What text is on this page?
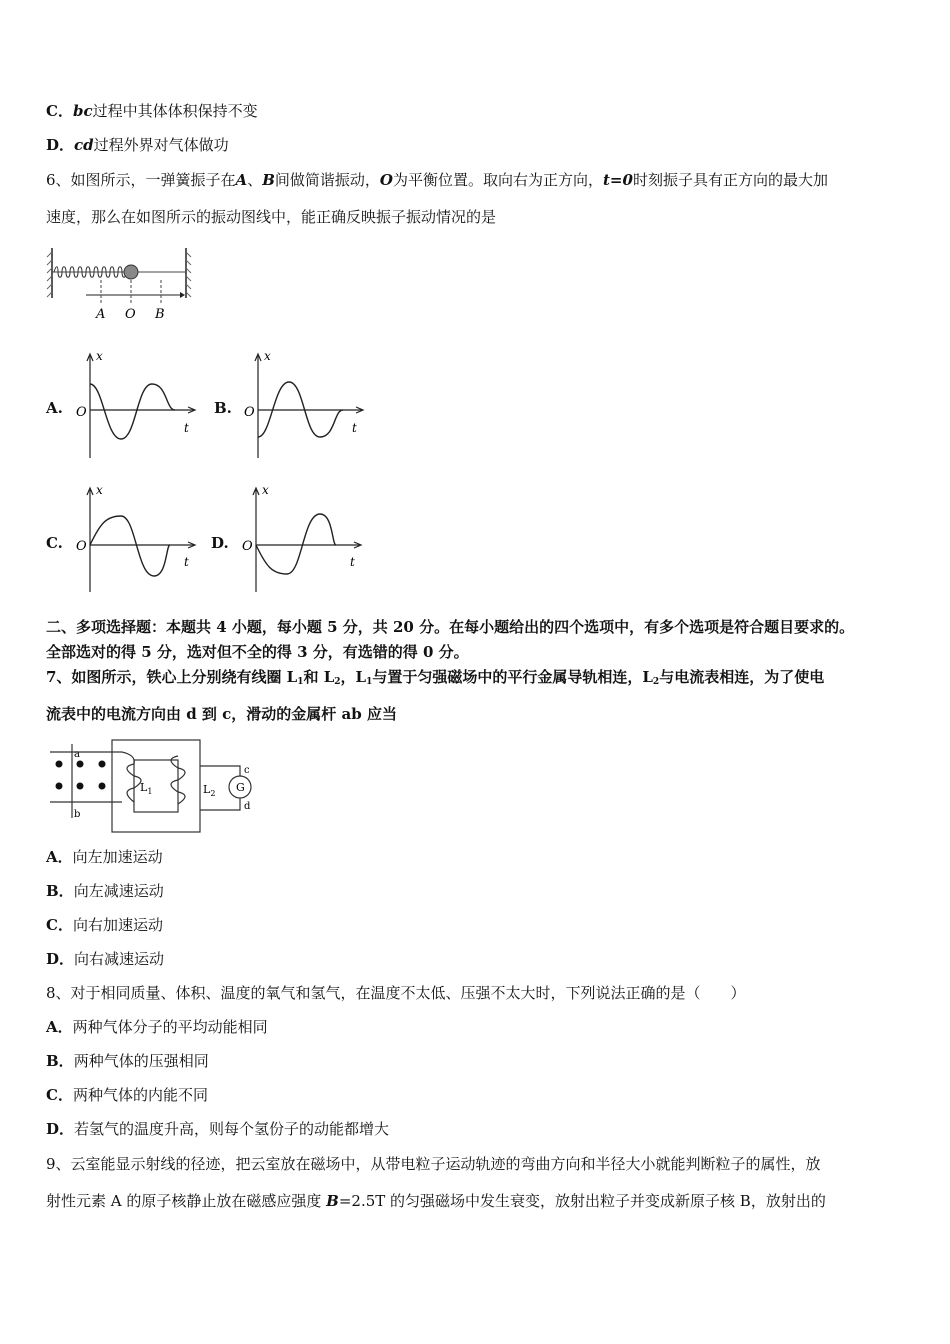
C．bc过程中其体体积保持不变
D．cd过程外界对气体做功
6、如图所示，一弹簧振子在A、B间做简谐振动，O为平衡位置。取向右为正方向，t=0时刻振子具有正方向的最大加
速度，那么在如图所示的振动图线中，能正确反映振子振动情况的是
A O B
A.
x
t
O	B.
x
t
O
C.
x
t
O	D.
x
t
O
二、多项选择题：本题共 4 小题，每小题 5 分，共 20 分。在每小题给出的四个选项中，有多个选项是符合题目要求的。
全部选对的得 5 分，选对但不全的得 3 分，有选错的得 0 分。
7、如图所示，铁心上分别绕有线圈 $L_1$和 $L_2$，$L_1$与置于匀强磁场中的平行金属导轨相连，$L_2$与电流表相连，为了使电
流表中的电流方向由 d 到 c，滑动的金属杆 ab 应当
a
b
$L_1$	$L_2$ G
c
d
A．向左加速运动
B．向左减速运动
C．向右加速运动
D．向右减速运动
8、对于相同质量、体积、温度的氧气和氢气，在温度不太低、压强不太大时，下列说法正确的是（　　）
A．两种气体分子的平均动能相同
B．两种气体的压强相同
C．两种气体的内能不同
D．若氢气的温度升高，则每个氢份子的动能都增大
9、云室能显示射线的径迹，把云室放在磁场中，从带电粒子运动轨迹的弯曲方向和半径大小就能判断粒子的属性，放
射性元素 A 的原子核静止放在磁感应强度 B=2.5T 的匀强磁场中发生衰变，放射出粒子并变成新原子核 B，放射出的
